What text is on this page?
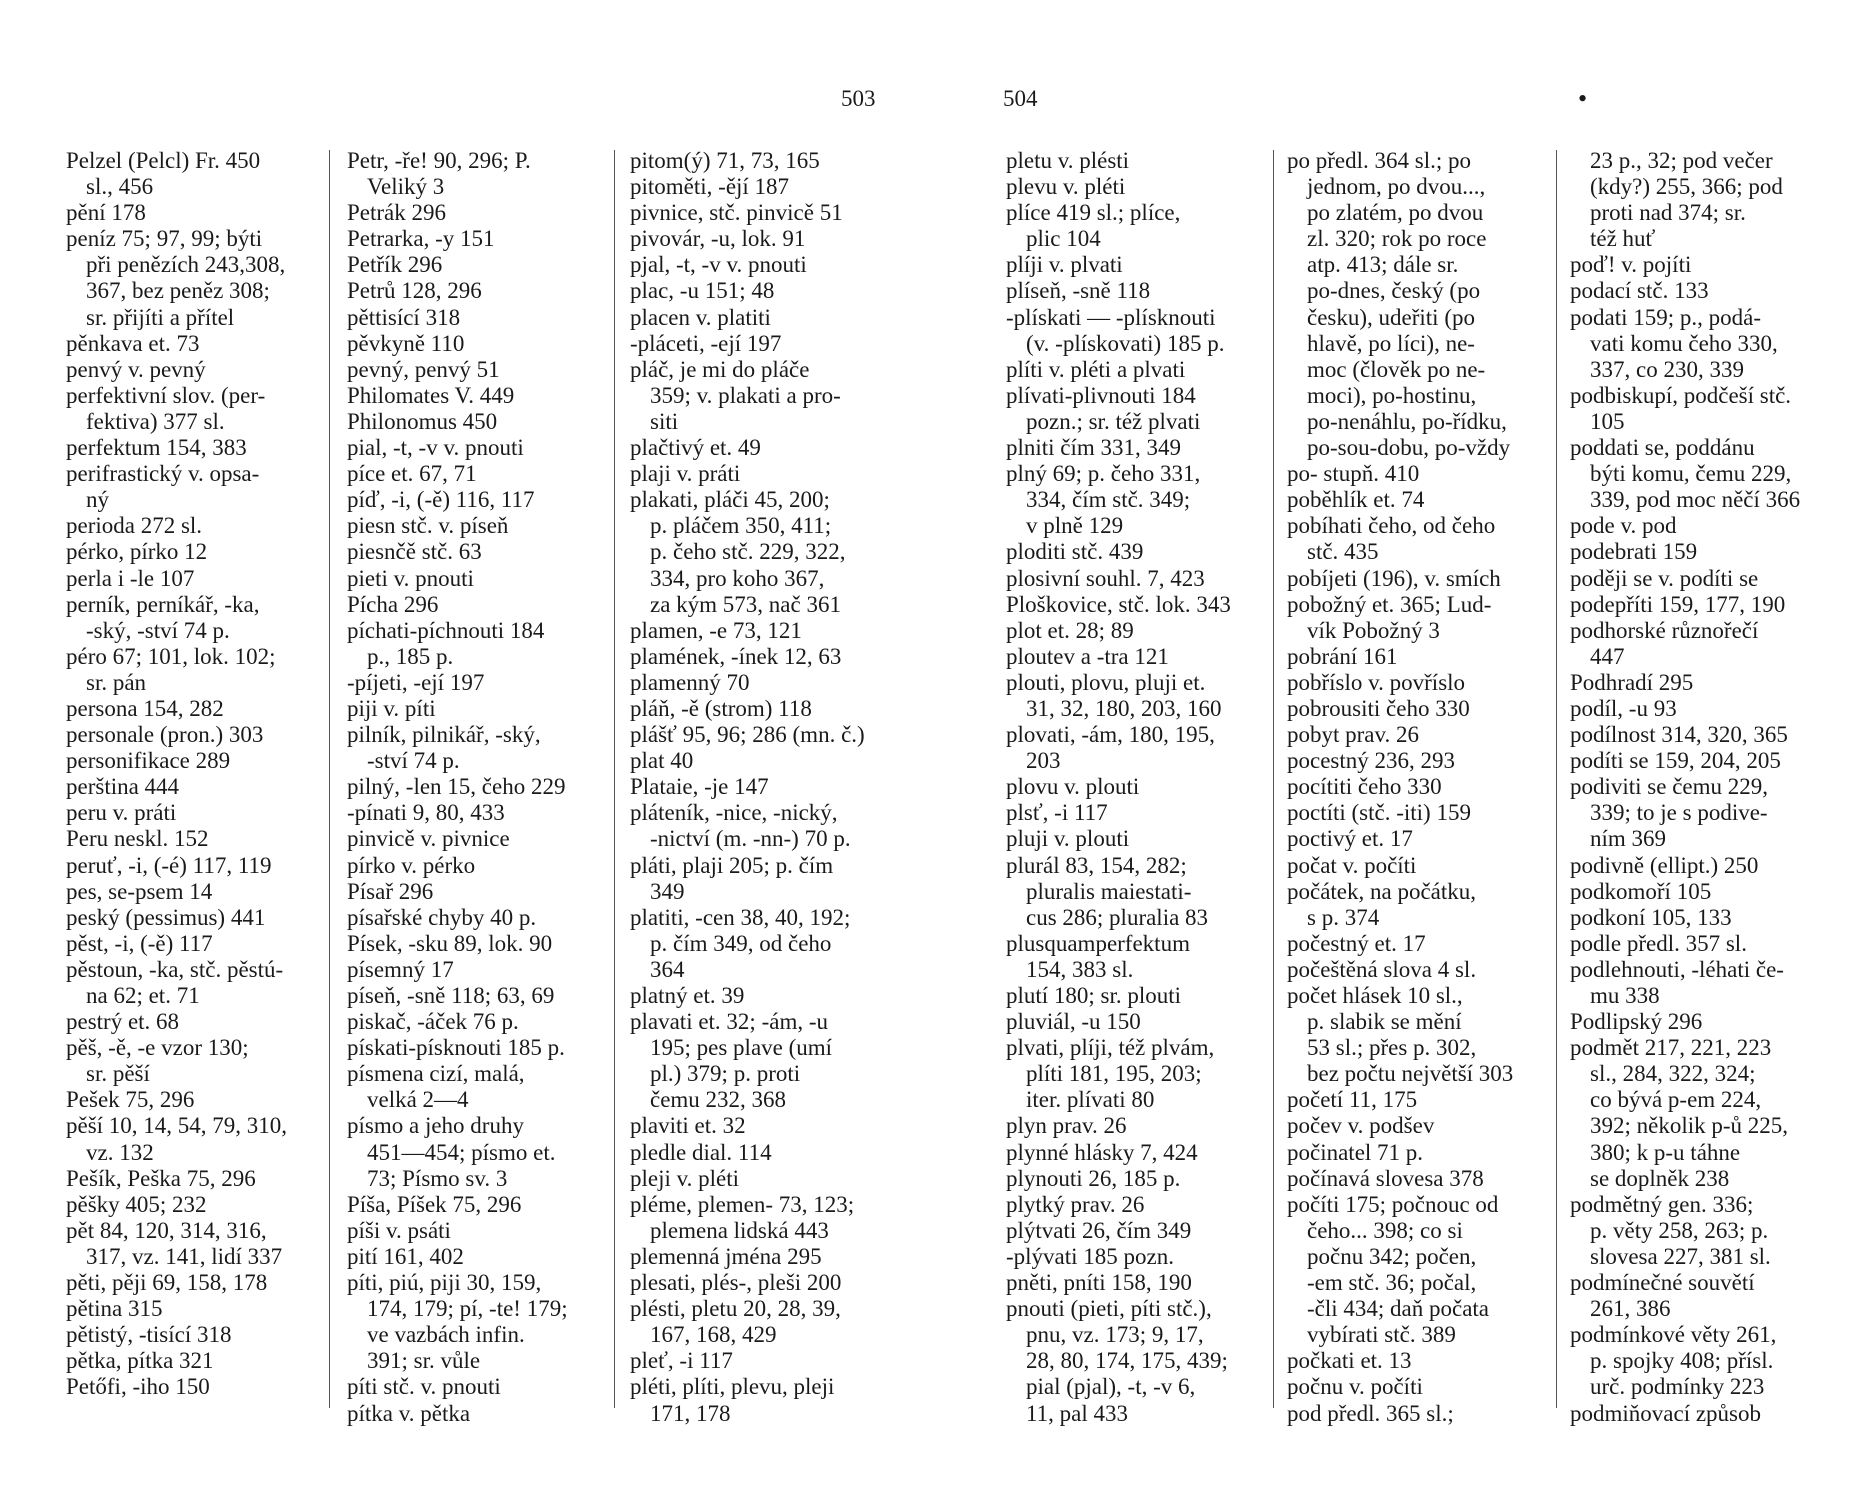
503	504	•
Pelzel (Pelcl) Fr. 450
sl., 456
pění 178
peníz 75; 97, 99; býti
při penězích 243,308,
367, bez peněz 308;
sr. přijíti a přítel
pěnkava et. 73
penvý v. pevný
perfektivní slov. (per-
fektiva) 377 sl.
perfektum 154, 383
perifrastický v. opsa-
ný
perioda 272 sl.
pérko, pírko 12
perla i -le 107
perník, perníkář, -ka,
-ský, -ství 74 p.
péro 67; 101, lok. 102;
sr. pán
persona 154, 282
personale (pron.) 303
personifikace 289
perština 444
peru v. práti
Peru neskl. 152
peruť, -i, (-é) 117, 119
pes, se-psem 14
peský (pessimus) 441
pěst, -i, (-ě) 117
pěstoun, -ka, stč. pěstú-
na 62; et. 71
pestrý et. 68
pěš, -ě, -e vzor 130;
sr. pěší
Pešek 75, 296
pěší 10, 14, 54, 79, 310,
vz. 132
Pešík, Peška 75, 296
pěšky 405; 232
pět 84, 120, 314, 316,
317, vz. 141, lidí 337
pěti, pěji 69, 158, 178
pětina 315
pětistý, -tisící 318
pětka, pítka 321
Petőfi, -iho 150
Petr, -ře! 90, 296; P.
Veliký 3
Petrák 296
Petrarka, -y 151
Petřík 296
Petrů 128, 296
pěttisící 318
pěvkyně 110
pevný, penvý 51
Philomates V. 449
Philonomus 450
pial, -t, -v v. pnouti
píce et. 67, 71
píď, -i, (-ě) 116, 117
piesn stč. v. píseň
piesnčě stč. 63
pieti v. pnouti
Pícha 296
píchati-píchnouti 184
p., 185 p.
-píjeti, -ejí 197
piji v. píti
pilník, pilnikář, -ský,
-ství 74 p.
pilný, -len 15, čeho 229
-pínati 9, 80, 433
pinvicě v. pivnice
pírko v. pérko
Písař 296
písařské chyby 40 p.
Písek, -sku 89, lok. 90
písemný 17
píseň, -sně 118; 63, 69
piskač, -áček 76 p.
pískati-písknouti 185 p.
písmena cizí, malá,
velká 2—4
písmo a jeho druhy
451—454; písmo et.
73; Písmo sv. 3
Píša, Píšek 75, 296
píši v. psáti
pití 161, 402
píti, piú, piji 30, 159,
174, 179; pí, -te! 179;
ve vazbách infin.
391; sr. vůle
píti stč. v. pnouti
pítka v. pětka
pitom(ý) 71, 73, 165
pitoměti, -ějí 187
pivnice, stč. pinvicě 51
pivovár, -u, lok. 91
pjal, -t, -v v. pnouti
plac, -u 151; 48
placen v. platiti
-pláceti, -ejí 197
pláč, je mi do pláče
359; v. plakati a pro-
siti
plačtivý et. 49
plaji v. práti
plakati, pláči 45, 200;
p. pláčem 350, 411;
p. čeho stč. 229, 322,
334, pro koho 367,
za kým 573, nač 361
plamen, -e 73, 121
plamének, -ínek 12, 63
plamenný 70
pláň, -ě (strom) 118
plášť 95, 96; 286 (mn. č.)
plat 40
Plataie, -je 147
pláteník, -nice, -nický,
-nictví (m. -nn-) 70 p.
pláti, plaji 205; p. čím
349
platiti, -cen 38, 40, 192;
p. čím 349, od čeho
364
platný et. 39
plavati et. 32; -ám, -u
195; pes plave (umí
pl.) 379; p. proti
čemu 232, 368
plaviti et. 32
pledle dial. 114
pleji v. pléti
pléme, plemen- 73, 123;
plemena lidská 443
plemenná jména 295
plesati, plés-, pleši 200
plésti, pletu 20, 28, 39,
167, 168, 429
pleť, -i 117
pléti, plíti, plevu, pleji
171, 178
pletu v. plésti
plevu v. pléti
plíce 419 sl.; plíce,
plic 104
plíji v. plvati
plíseň, -sně 118
-plískati — -plísknouti
(v. -plískovati) 185 p.
plíti v. pléti a plvati
plívati-plivnouti 184
pozn.; sr. též plvati
plniti čím 331, 349
plný 69; p. čeho 331,
334, čím stč. 349;
v plně 129
ploditi stč. 439
plosivní souhl. 7, 423
Ploškovice, stč. lok. 343
plot et. 28; 89
ploutev a -tra 121
plouti, plovu, pluji et.
31, 32, 180, 203, 160
plovati, -ám, 180, 195,
203
plovu v. plouti
plsť, -i 117
pluji v. plouti
plurál 83, 154, 282;
pluralis maiestati-
cus 286; pluralia 83
plusquamperfektum
154, 383 sl.
plutí 180; sr. plouti
pluviál, -u 150
plvati, plíji, též plvám,
plíti 181, 195, 203;
iter. plívati 80
plyn prav. 26
plynné hlásky 7, 424
plynouti 26, 185 p.
plytký prav. 26
plýtvati 26, čím 349
-plývati 185 pozn.
pněti, pníti 158, 190
pnouti (pieti, píti stč.),
pnu, vz. 173; 9, 17,
28, 80, 174, 175, 439;
pial (pjal), -t, -v 6,
11, pal 433
po předl. 364 sl.; po
jednom, po dvou...,
po zlatém, po dvou
zl. 320; rok po roce
atp. 413; dále sr.
po-dnes, český (po
česku), udeřiti (po
hlavě, po líci), ne-
moc (člověk po ne-
moci), po-hostinu,
po-nenáhlu, po-řídku,
po-sou-dobu, po-vždy
po- stupň. 410
poběhlík et. 74
pobíhati čeho, od čeho
stč. 435
pobíjeti (196), v. smích
pobožný et. 365; Lud-
vík Pobožný 3
pobrání 161
pobříslo v. povříslo
pobrousiti čeho 330
pobyt prav. 26
pocestný 236, 293
pocítiti čeho 330
poctíti (stč. -iti) 159
poctivý et. 17
počat v. počíti
počátek, na počátku,
s p. 374
počestný et. 17
počeštěná slova 4 sl.
počet hlásek 10 sl.,
p. slabik se mění
53 sl.; přes p. 302,
bez počtu největší 303
početí 11, 175
počev v. podšev
počinatel 71 p.
počínavá slovesa 378
počíti 175; počnouc od
čeho... 398; co si
počnu 342; počen,
-em stč. 36; počal,
-čli 434; daň počata
vybírati stč. 389
počkati et. 13
počnu v. počíti
pod předl. 365 sl.;
23 p., 32; pod večer
(kdy?) 255, 366; pod
proti nad 374; sr.
též huť
poď! v. pojíti
podací stč. 133
podati 159; p., podá-
vati komu čeho 330,
337, co 230, 339
podbiskupí, podčeší stč.
105
poddati se, poddánu
býti komu, čemu 229,
339, pod moc něčí 366
pode v. pod
podebrati 159
poději se v. podíti se
podepříti 159, 177, 190
podhorské různořečí
447
Podhradí 295
podíl, -u 93
podílnost 314, 320, 365
podíti se 159, 204, 205
podiviti se čemu 229,
339; to je s podive-
ním 369
podivně (ellipt.) 250
podkomoří 105
podkoní 105, 133
podle předl. 357 sl.
podlehnouti, -léhati če-
mu 338
Podlipský 296
podmět 217, 221, 223
sl., 284, 322, 324;
co bývá p-em 224,
392; několik p-ů 225,
380; k p-u táhne
se doplněk 238
podmětný gen. 336;
p. věty 258, 263; p.
slovesa 227, 381 sl.
podmínečné souvětí
261, 386
podmínkové věty 261,
p. spojky 408; přísl.
urč. podmínky 223
podmiňovací způsob
